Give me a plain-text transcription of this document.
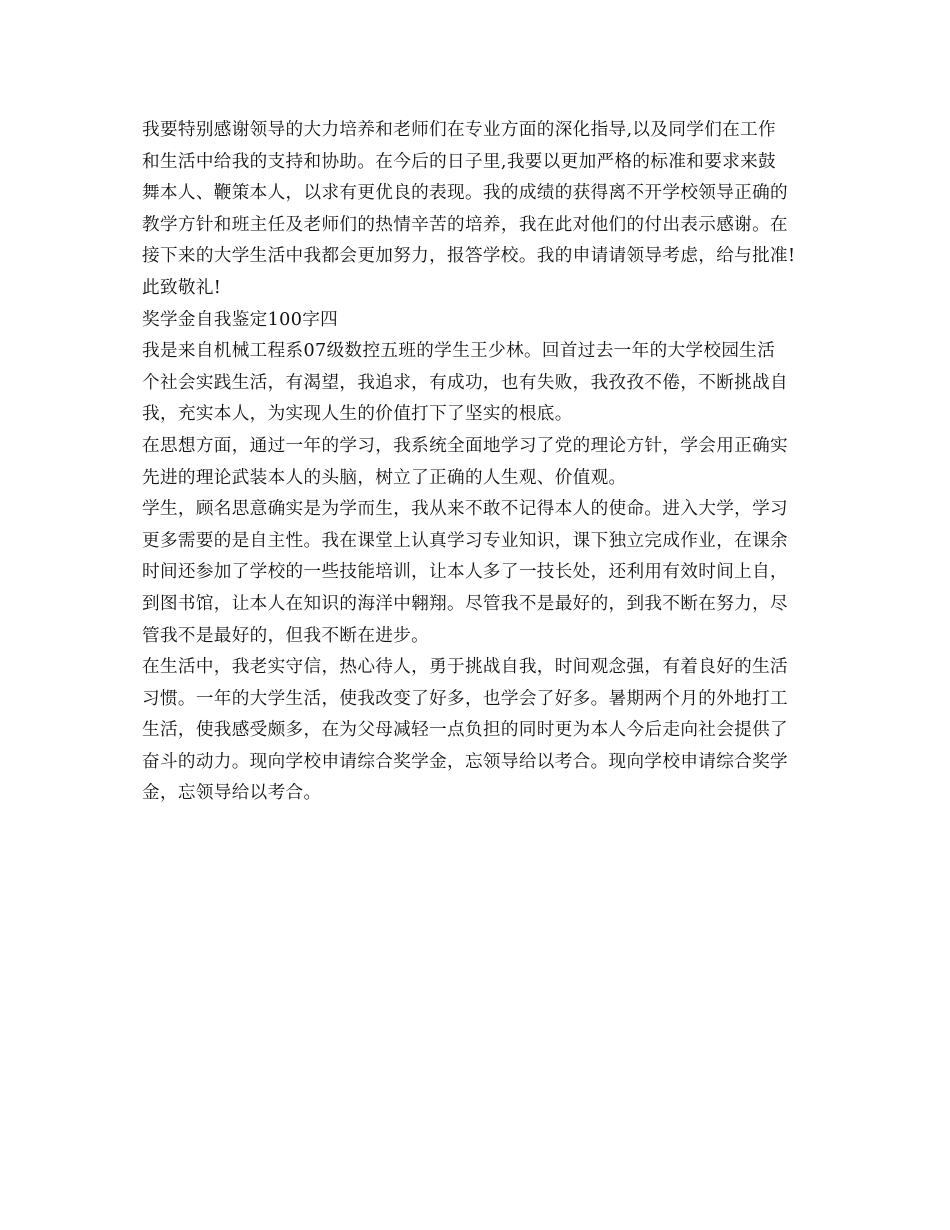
我要特别感谢领导的大力培养和老师们在专业方面的深化指导,以及同学们在工作
和生活中给我的支持和协助。在今后的日子里,我要以更加严格的标准和要求来鼓
舞本人、鞭策本人，以求有更优良的表现。我的成绩的获得离不开学校领导正确的
教学方针和班主任及老师们的热情辛苦的培养，我在此对他们的付出表示感谢。在
接下来的大学生活中我都会更加努力，报答学校。我的申请请领导考虑，给与批准!
此致敬礼!
奖学金自我鉴定100字四
我是来自机械工程系07级数控五班的学生王少林。回首过去一年的大学校园生活
个社会实践生活，有渴望，我追求，有成功，也有失败，我孜孜不倦，不断挑战自
我，充实本人，为实现人生的价值打下了坚实的根底。
在思想方面，通过一年的学习，我系统全面地学习了党的理论方针，学会用正确实
先进的理论武装本人的头脑，树立了正确的人生观、价值观。
学生，顾名思意确实是为学而生，我从来不敢不记得本人的使命。进入大学，学习
更多需要的是自主性。我在课堂上认真学习专业知识，课下独立完成作业，在课余
时间还参加了学校的一些技能培训，让本人多了一技长处，还利用有效时间上自，
到图书馆，让本人在知识的海洋中翱翔。尽管我不是最好的，到我不断在努力，尽
管我不是最好的，但我不断在进步。
在生活中，我老实守信，热心待人，勇于挑战自我，时间观念强，有着良好的生活
习惯。一年的大学生活，使我改变了好多，也学会了好多。暑期两个月的外地打工
生活，使我感受颇多，在为父母减轻一点负担的同时更为本人今后走向社会提供了
奋斗的动力。现向学校申请综合奖学金，忘领导给以考合。现向学校申请综合奖学
金，忘领导给以考合。
